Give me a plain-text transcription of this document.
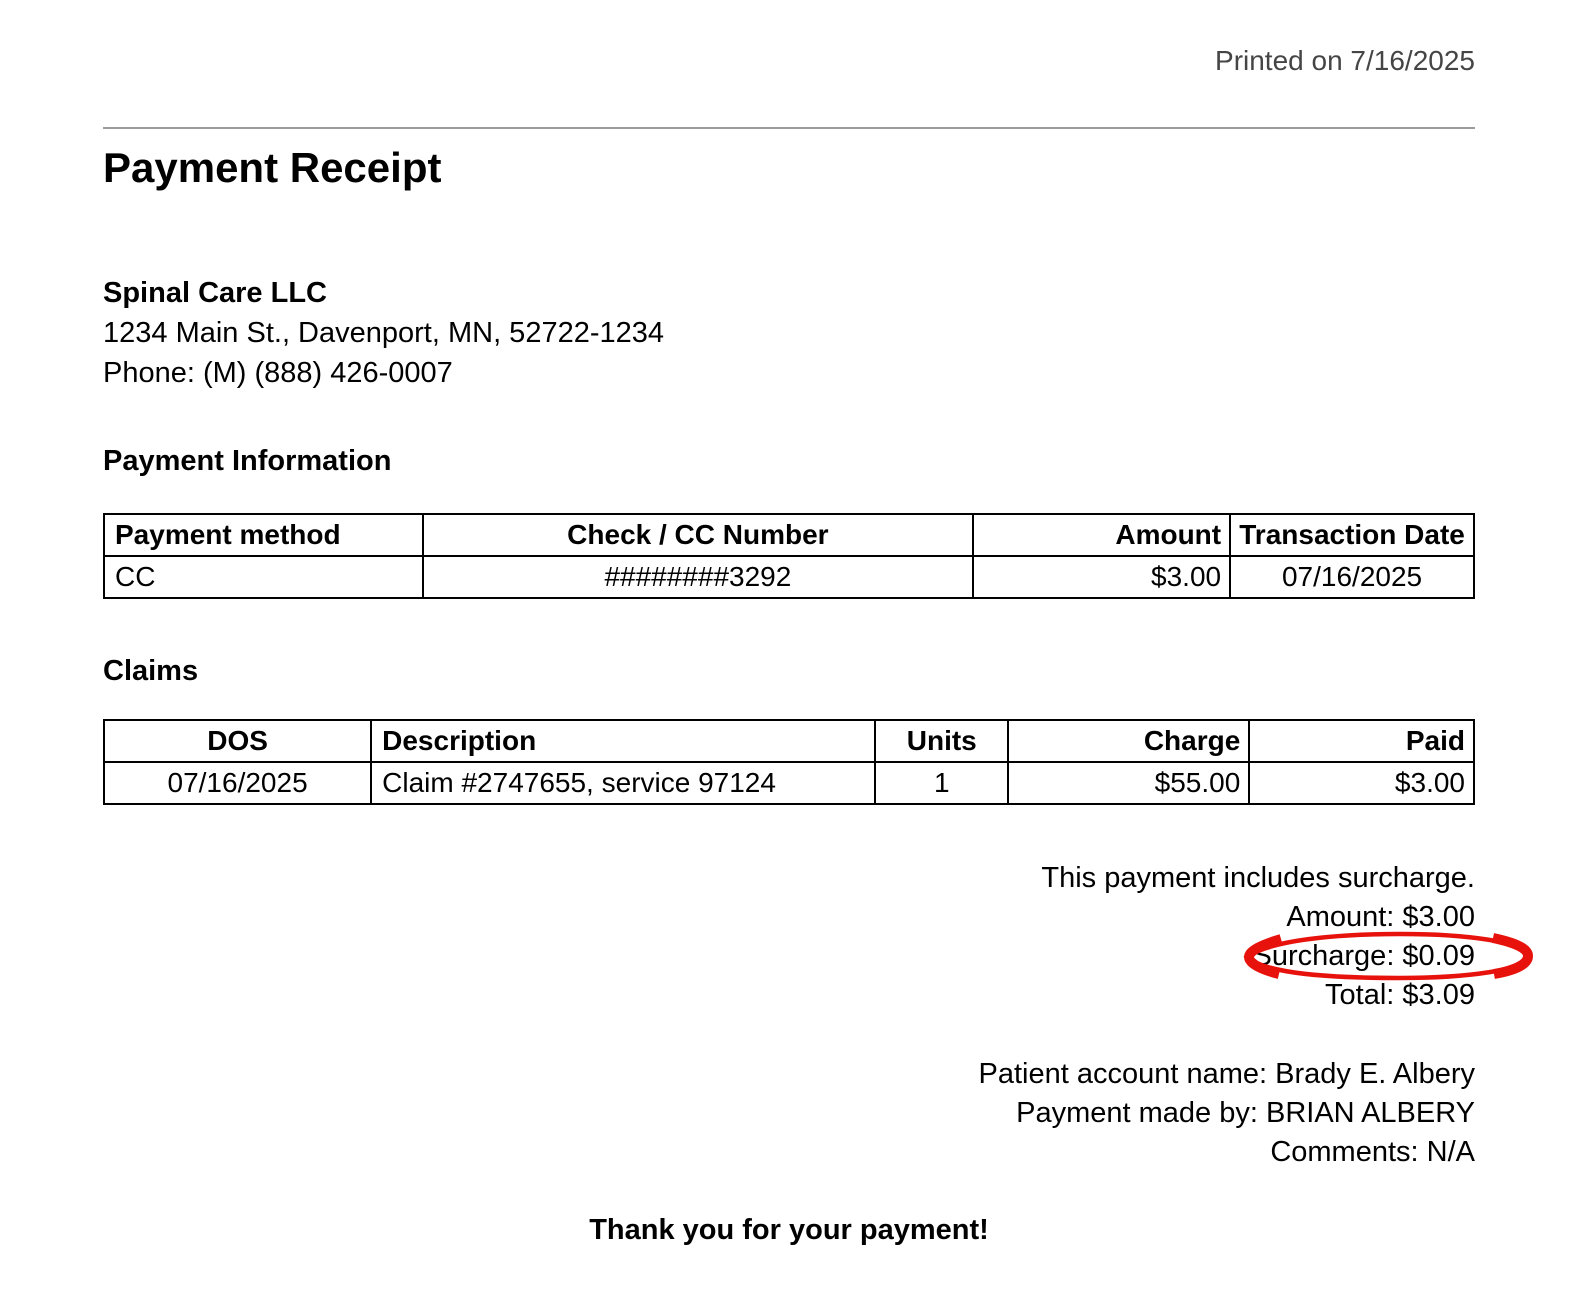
Printed on 7/16/2025
Payment Receipt
Spinal Care LLC
1234 Main St., Davenport, MN, 52722-1234
Phone: (M) (888) 426-0007
Payment Information
Payment method	Check / CC Number	Amount	Transaction Date
CC	########3292	$3.00	07/16/2025
Claims
DOS	Description	Units	Charge	Paid
07/16/2025	Claim #2747655, service 97124	1	$55.00	$3.00
This payment includes surcharge.
Amount: $3.00
Surcharge: $0.09
Total: $3.09
Patient account name: Brady E. Albery
Payment made by: BRIAN ALBERY
Comments: N/A
Thank you for your payment!
